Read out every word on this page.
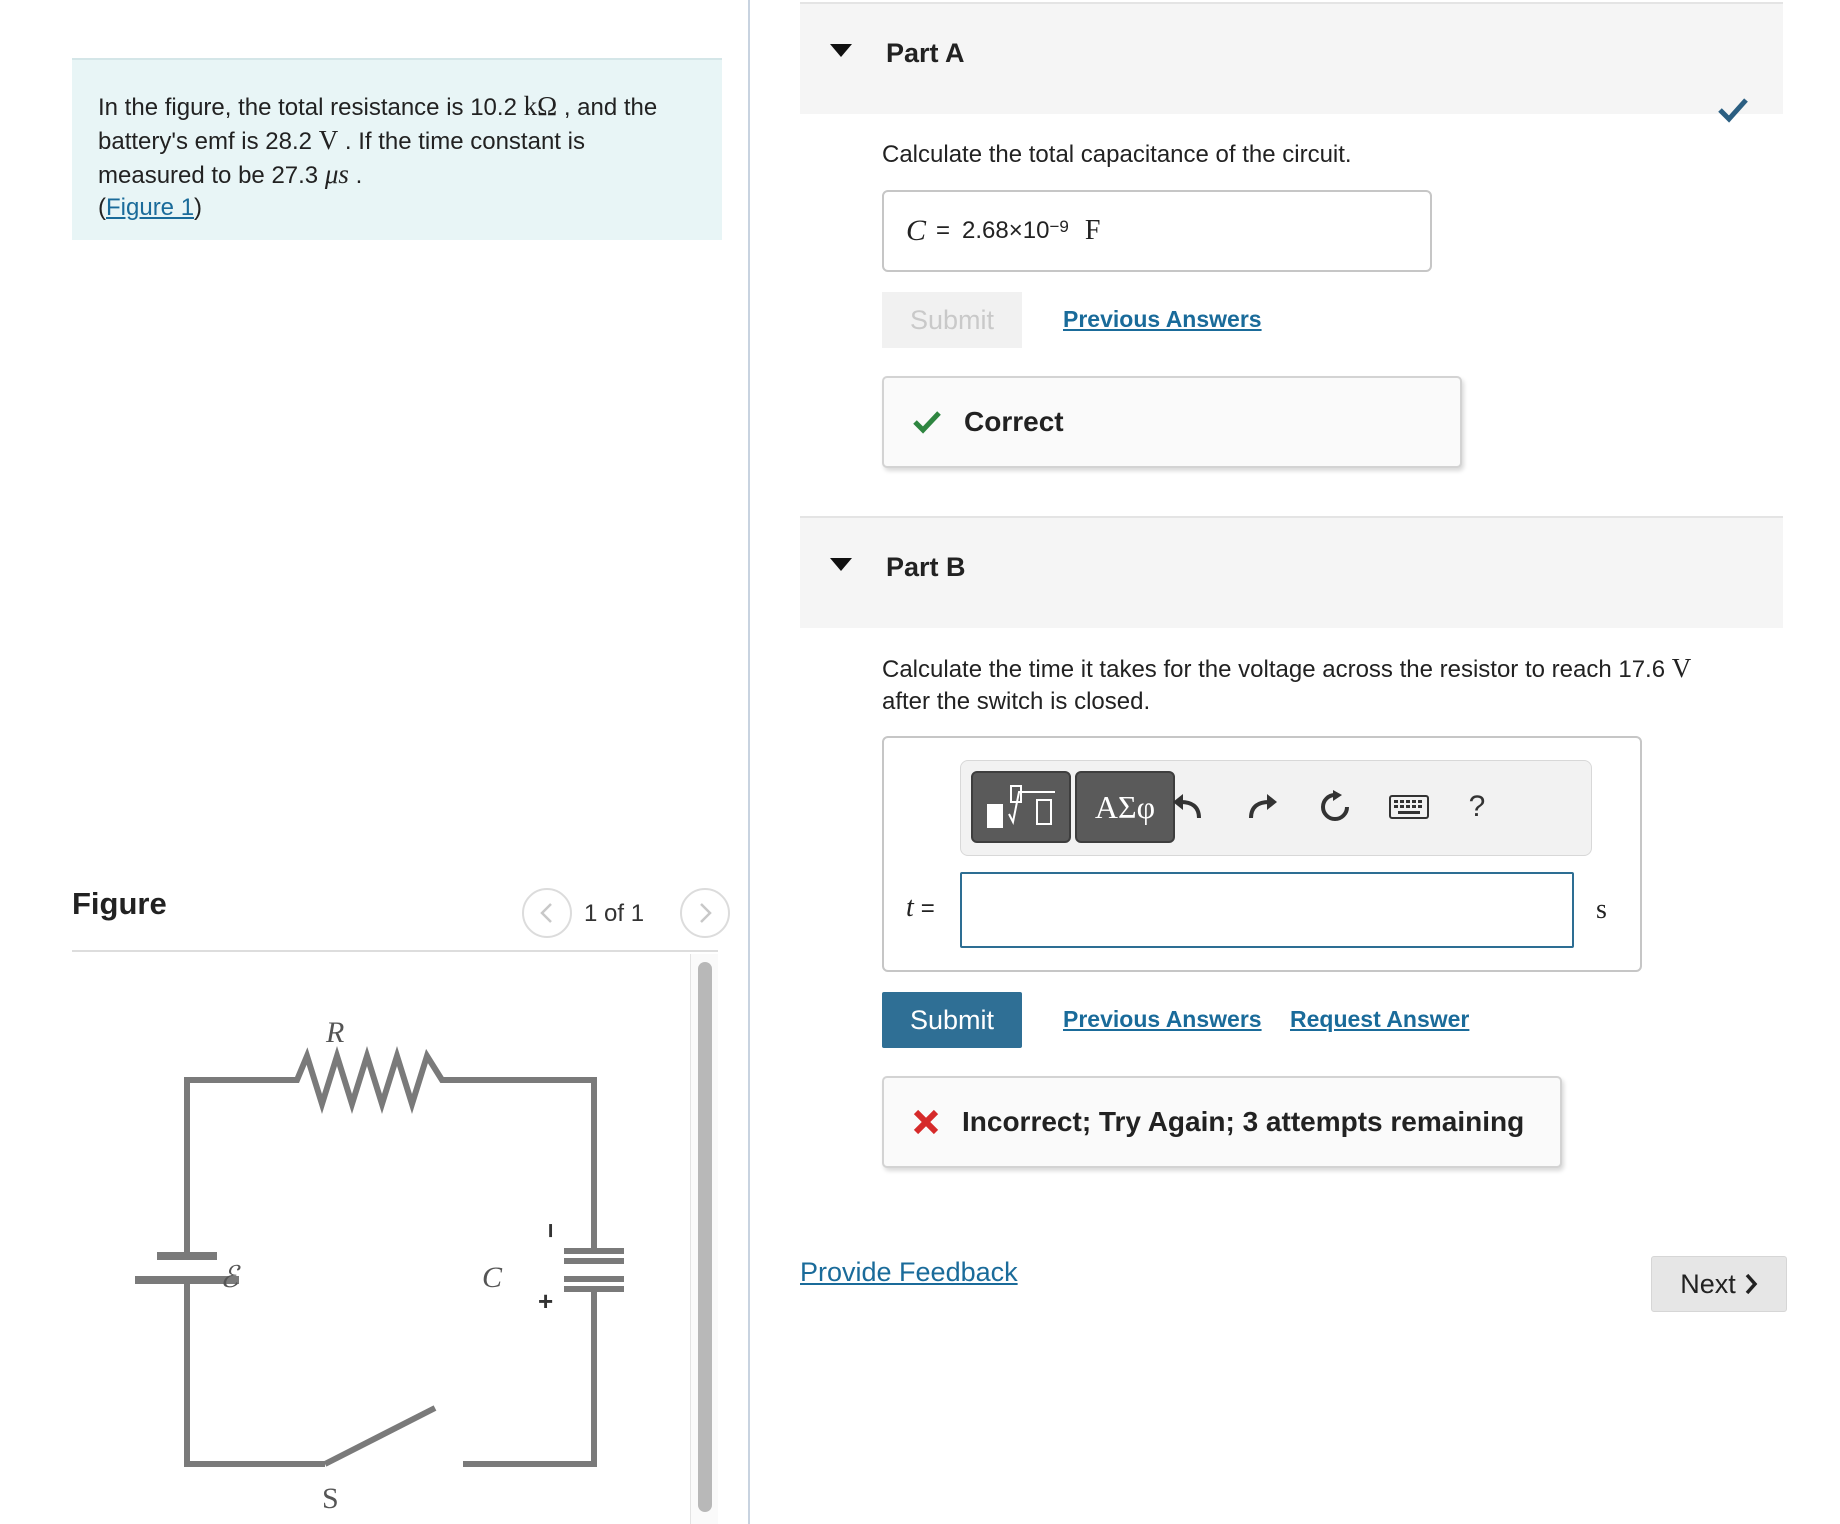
In the figure, the total resistance is 10.2 kΩ , and the battery's emf is 28.2 V . If the time constant is measured to be 27.3 μs .
(Figure 1)
Figure	1 of 1
R
ℰ	C
−
+
S
Part A
Calculate the total capacitance of the circuit.
$C = 2.68\times 10^{-9}$ F
Submit	Previous Answers
Correct
Part B
Calculate the time it takes for the voltage across the resistor to reach 17.6 V
after the switch is closed.
ΑΣφ	?
t =	s
Submit	Previous Answers Request Answer
Incorrect; Try Again; 3 attempts remaining
Provide Feedback	Next
